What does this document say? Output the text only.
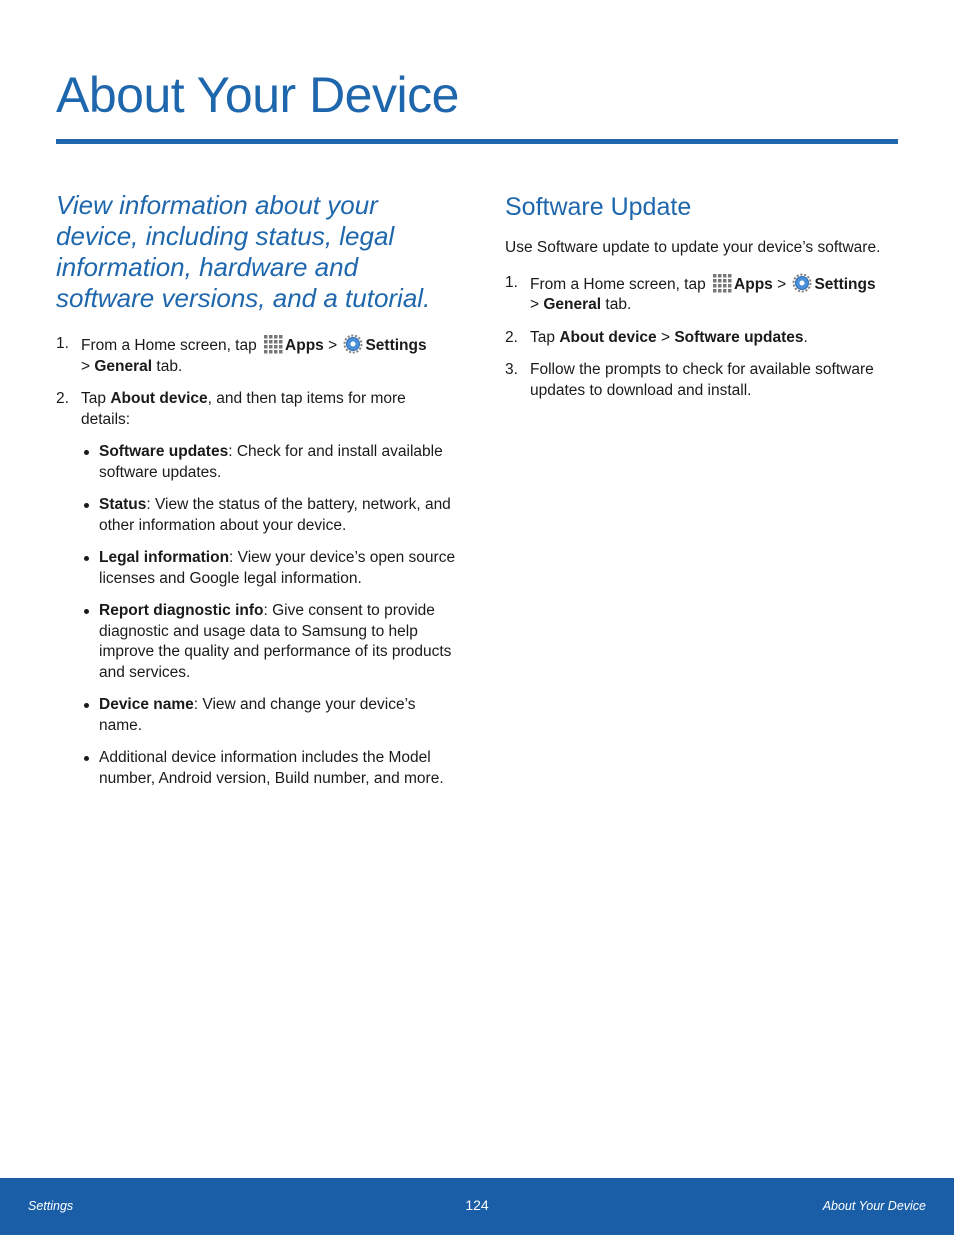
About Your Device

View information about your device, including status, legal information, hardware and software versions, and a tutorial.

1. From a Home screen, tap Apps > Settings
> General tab.
2. Tap About device, and then tap items for more details:
Software updates: Check for and install available software updates.
Status: View the status of the battery, network, and other information about your device.
Legal information: View your device’s open source licenses and Google legal information.
Report diagnostic info: Give consent to provide diagnostic and usage data to Samsung to help improve the quality and performance of its products and services.
Device name: View and change your device’s name.
Additional device information includes the Model number, Android version, Build number, and more.
Software Update

Use Software update to update your device’s software.

1. From a Home screen, tap Apps > Settings
> General tab.
2. Tap About device > Software updates.
3. Follow the prompts to check for available software updates to download and install.
Settings	124	About Your Device
